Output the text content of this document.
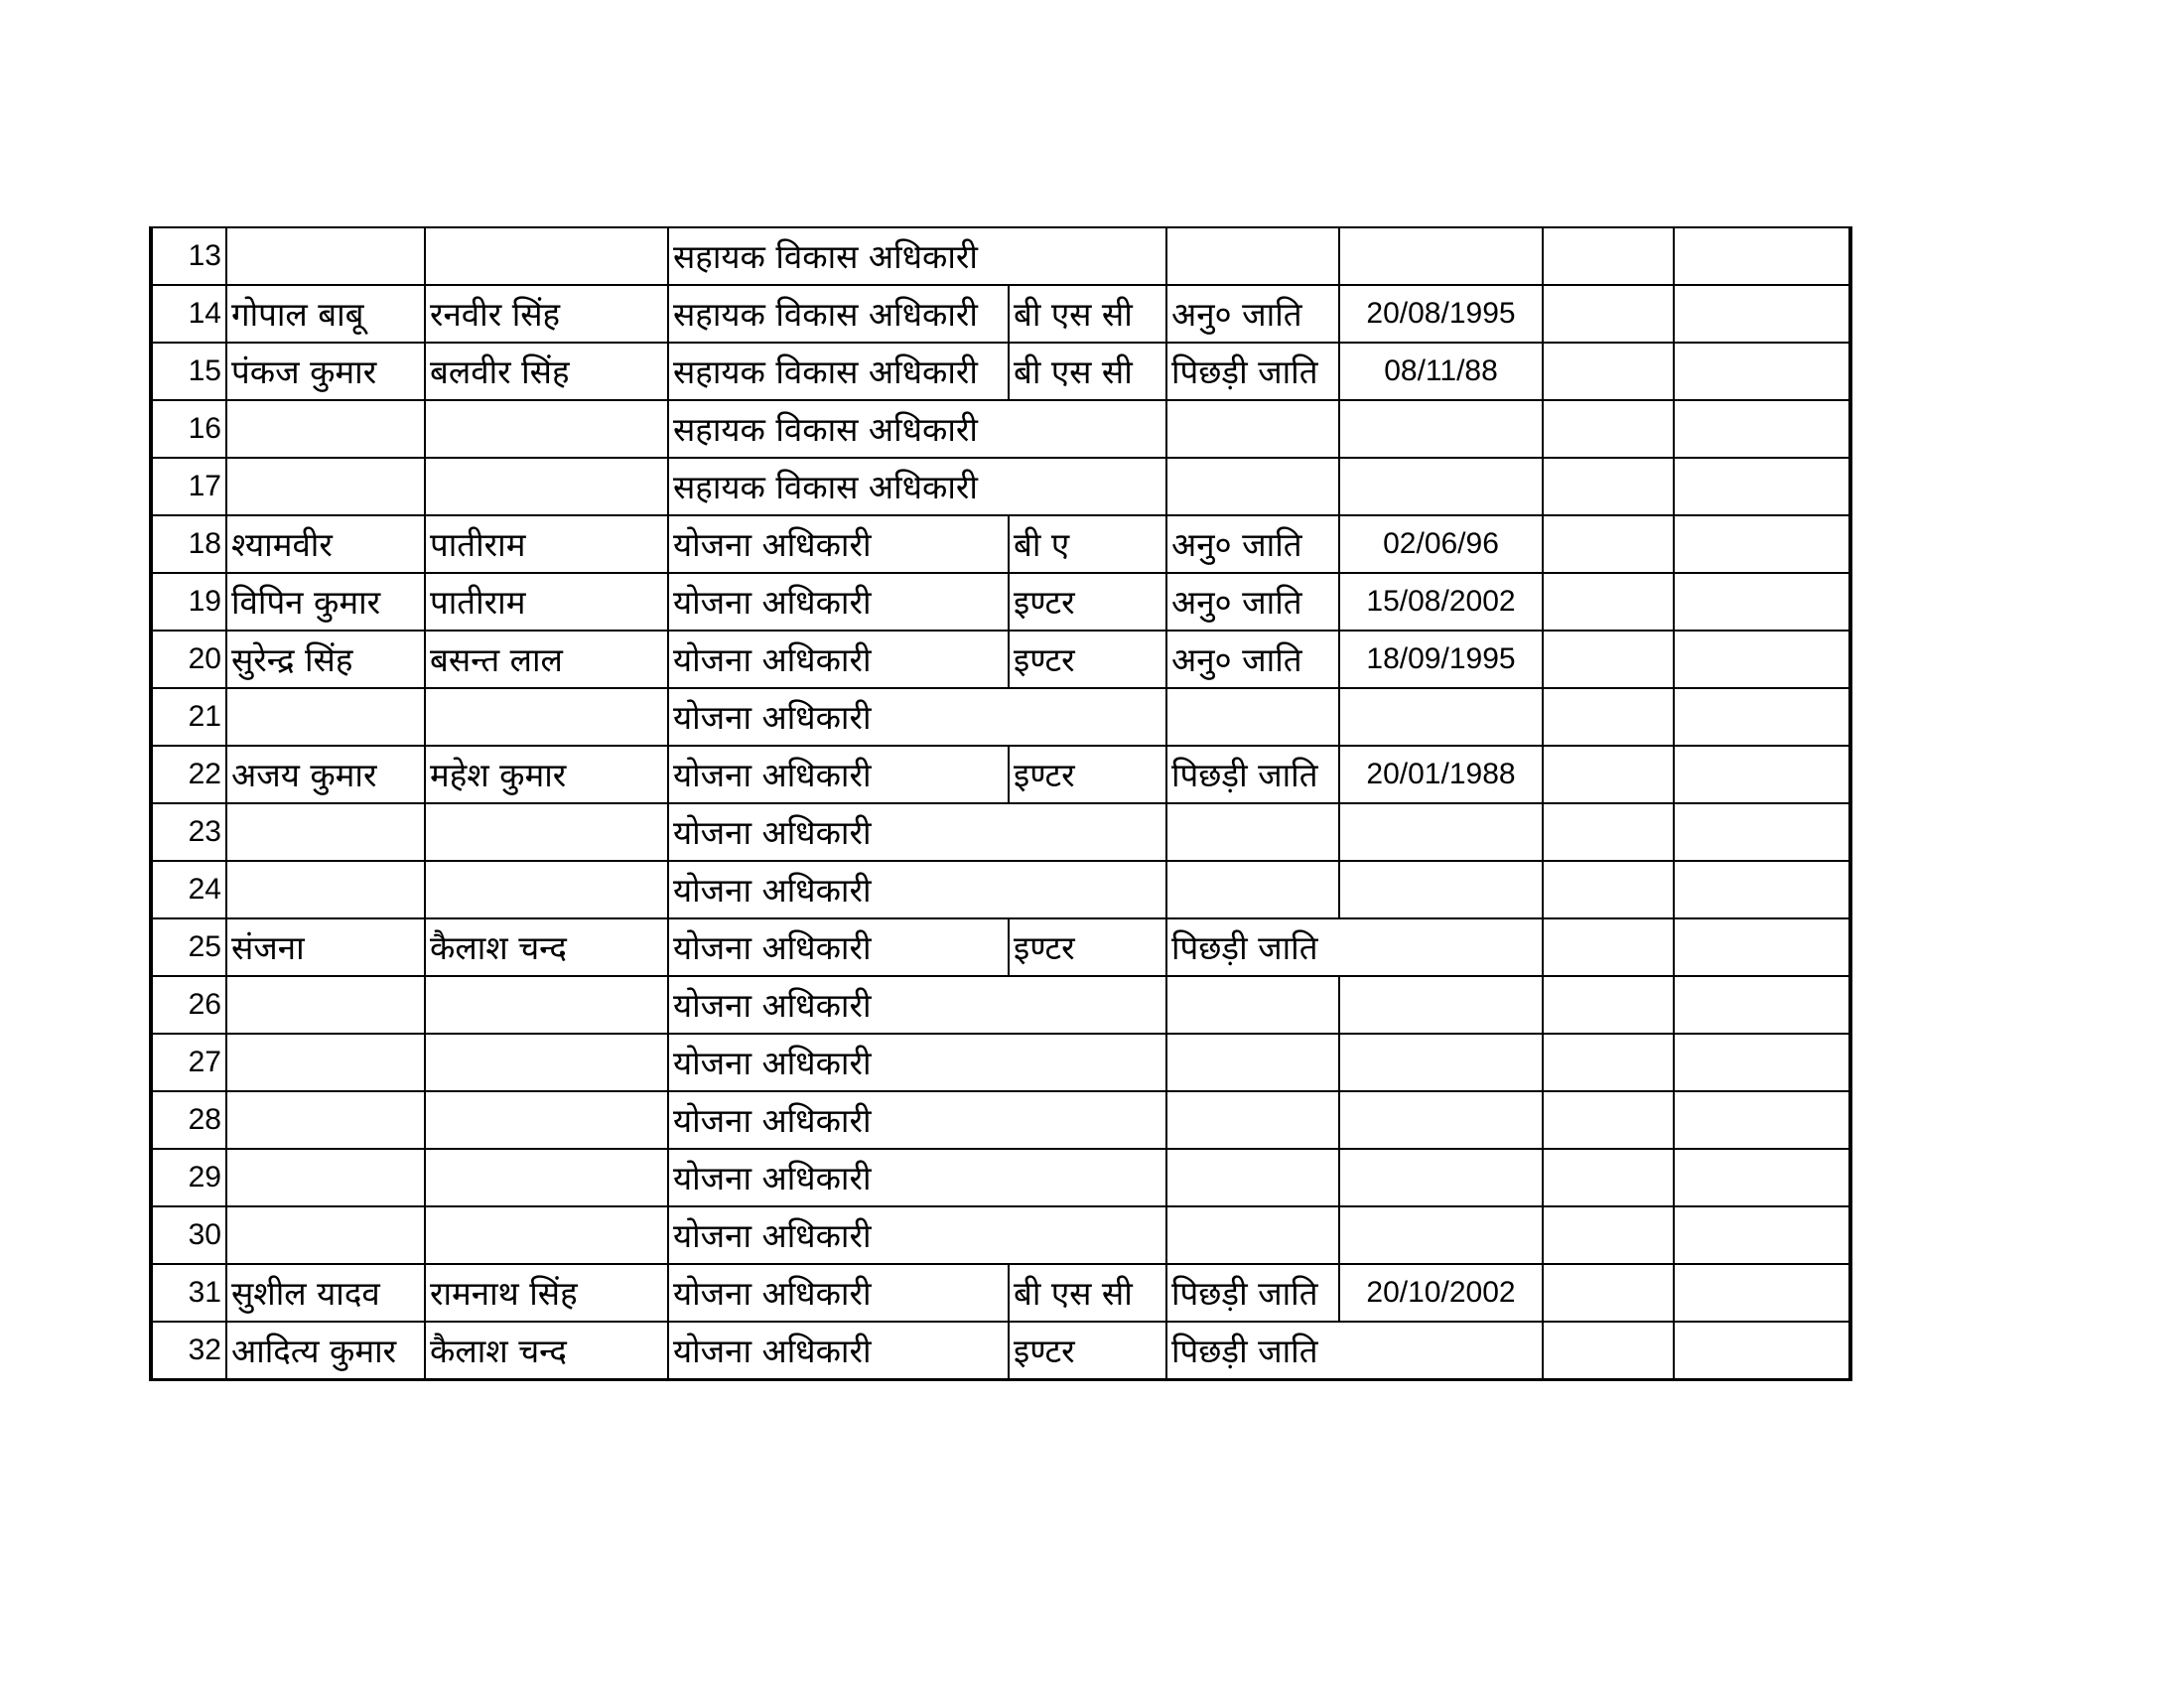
13			सहायक विकास अधिकारी					
14	गोपाल बाबू	रनवीर सिंह	सहायक विकास अधिकारी	बी एस सी	अनु० जाति	20/08/1995		
15	पंकज कुमार	बलवीर सिंह	सहायक विकास अधिकारी	बी एस सी	पिछड़ी जाति	08/11/88		
16			सहायक विकास अधिकारी					
17			सहायक विकास अधिकारी					
18	श्यामवीर	पातीराम	योजना अधिकारी	बी ए	अनु० जाति	02/06/96		
19	विपिन कुमार	पातीराम	योजना अधिकारी	इण्टर	अनु० जाति	15/08/2002		
20	सुरेन्द्र सिंह	बसन्त लाल	योजना अधिकारी	इण्टर	अनु० जाति	18/09/1995		
21			योजना अधिकारी					
22	अजय कुमार	महेश कुमार	योजना अधिकारी	इण्टर	पिछड़ी जाति	20/01/1988		
23			योजना अधिकारी					
24			योजना अधिकारी					
25	संजना	कैलाश चन्द	योजना अधिकारी	इण्टर	पिछड़ी जाति			
26			योजना अधिकारी					
27			योजना अधिकारी					
28			योजना अधिकारी					
29			योजना अधिकारी					
30			योजना अधिकारी					
31	सुशील यादव	रामनाथ सिंह	योजना अधिकारी	बी एस सी	पिछड़ी जाति	20/10/2002		
32	आदित्य कुमार	कैलाश चन्द	योजना अधिकारी	इण्टर	पिछड़ी जाति			
